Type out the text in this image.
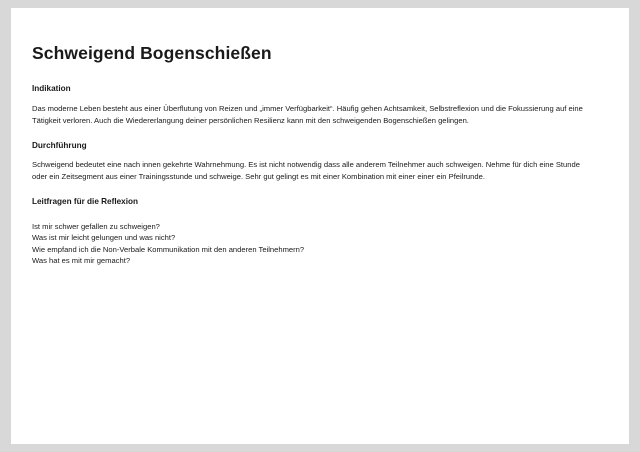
Schweigend Bogenschießen
Indikation

Das moderne Leben besteht aus einer Überflutung von Reizen und „immer Verfügbarkeit“. Häufig gehen Achtsamkeit, Selbstreflexion und die Fokussierung auf eine Tätigkeit verloren. Auch die Wiedererlangung deiner persönlichen Resilienz kann mit den schweigenden Bogenschießen gelingen.

Durchführung

Schweigend bedeutet eine nach innen gekehrte Wahrnehmung. Es ist nicht notwendig dass alle anderem Teilnehmer auch schweigen. Nehme für dich eine Stunde oder ein Zeitsegment aus einer Trainingsstunde und schweige. Sehr gut gelingt es mit einer Kombination mit einer einer ein Pfeilrunde.

Leitfragen für die Reflexion
Ist mir schwer gefallen zu schweigen?
Was ist mir leicht gelungen und was nicht?
Wie empfand ich die Non-Verbale Kommunikation mit den anderen Teilnehmern?
Was hat es mit mir gemacht?
